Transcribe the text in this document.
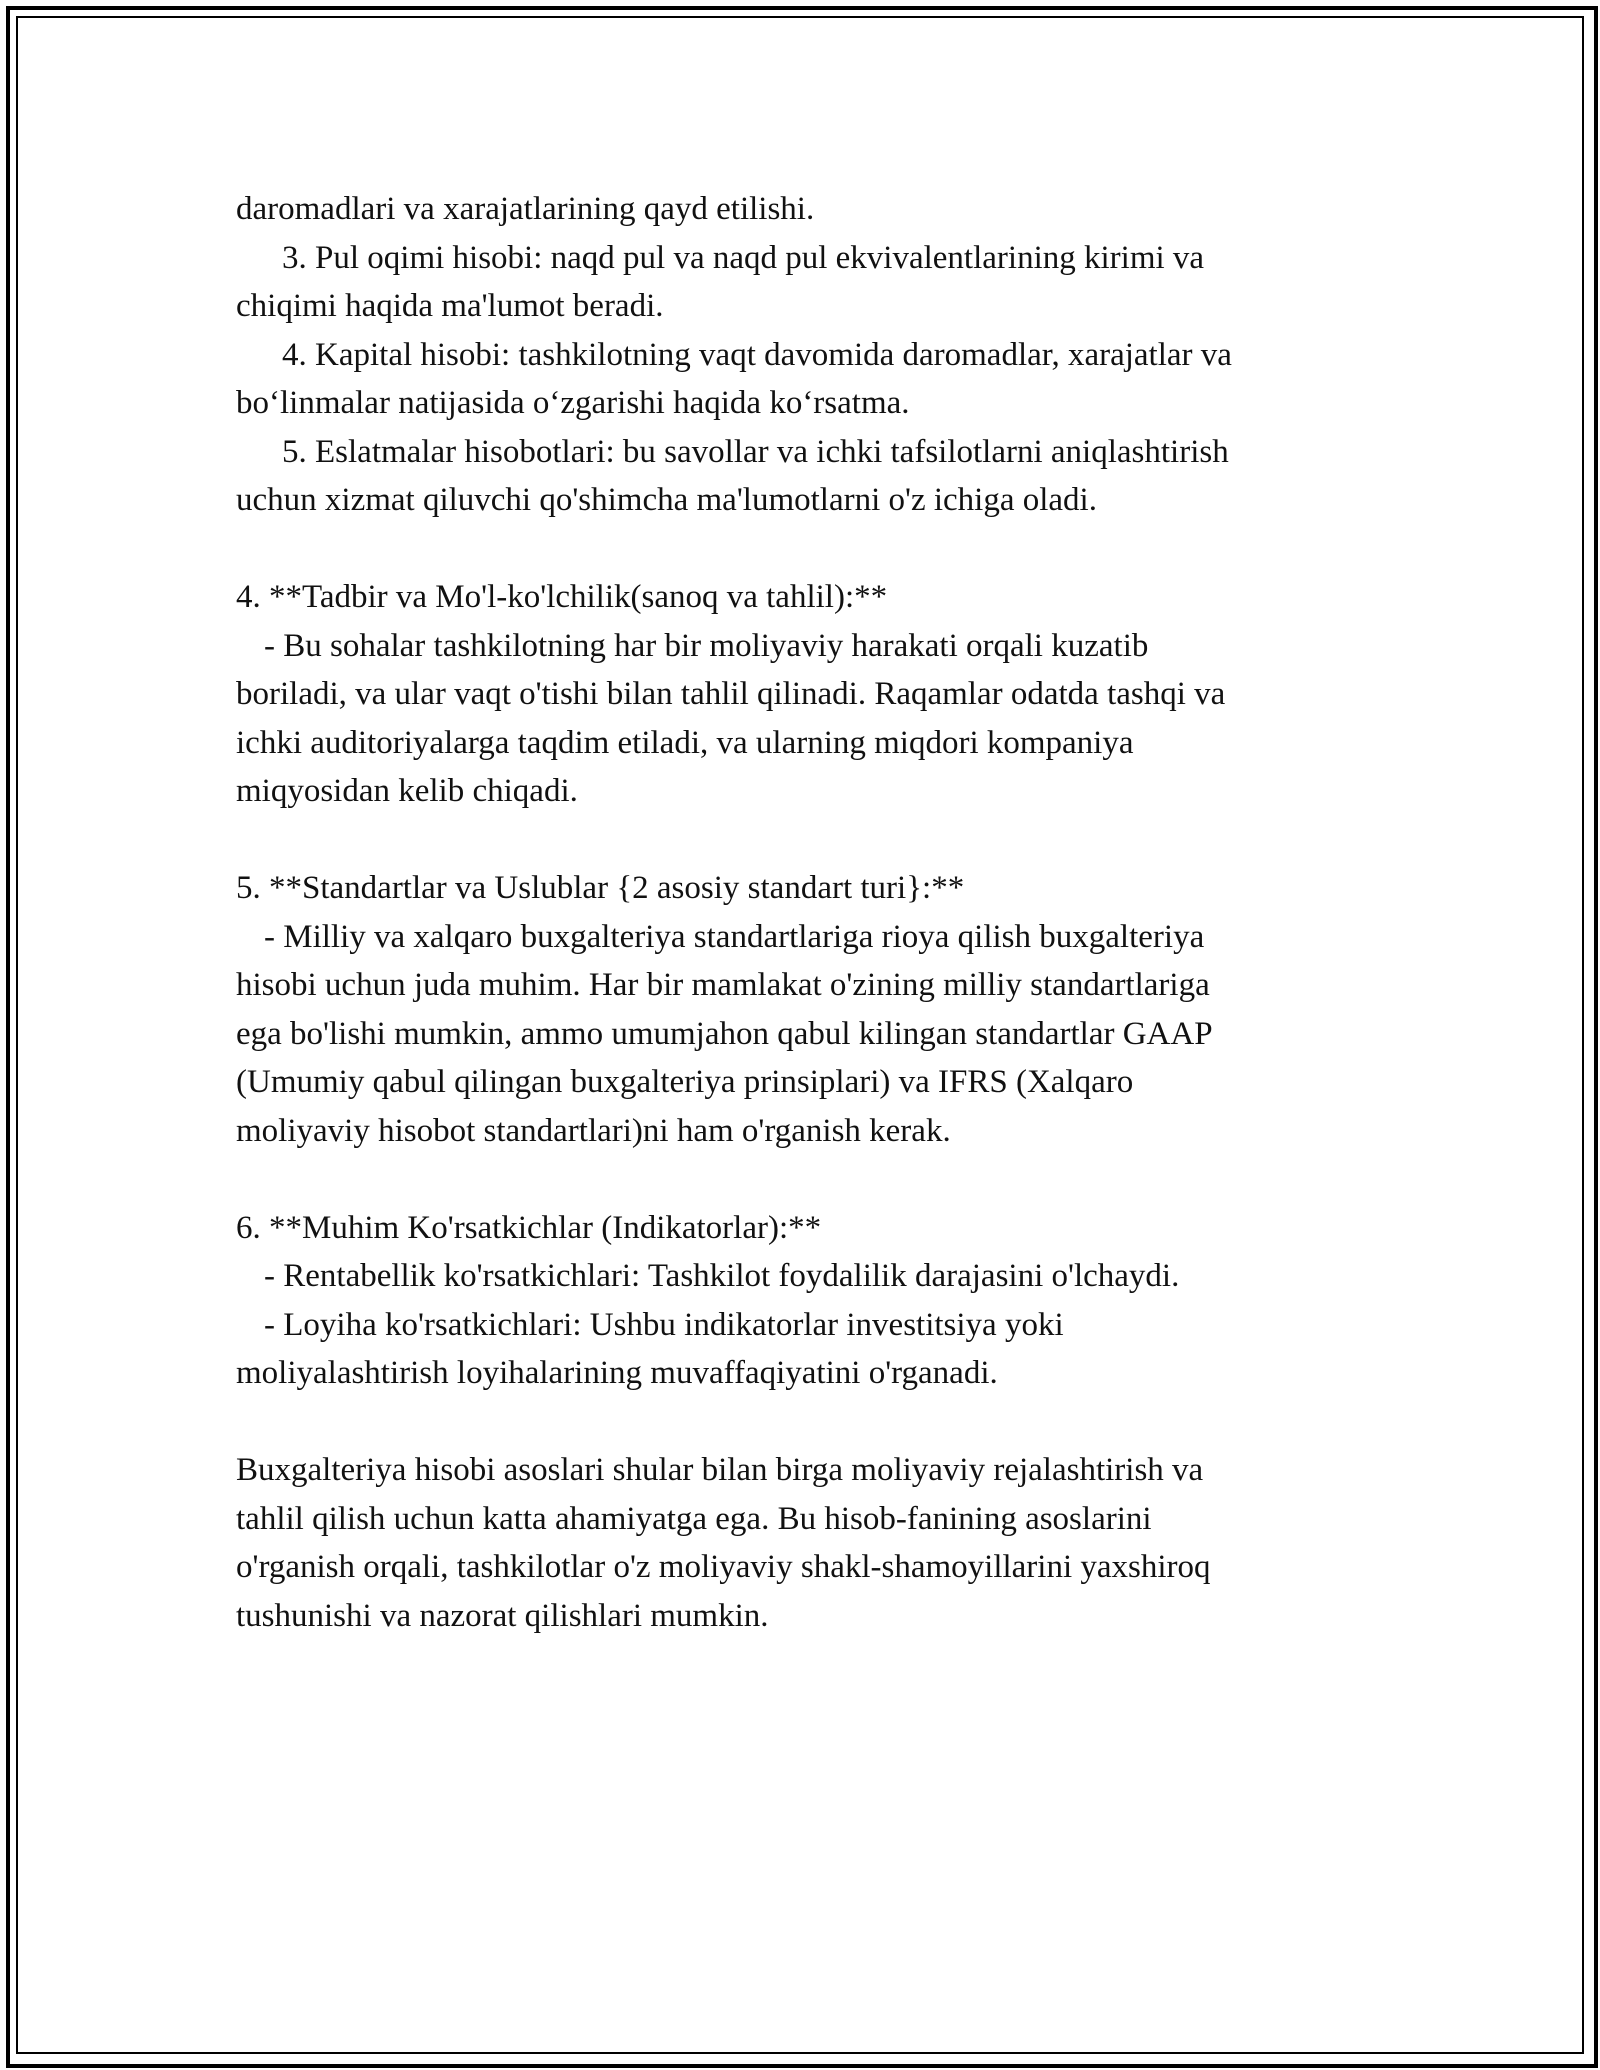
daromadlari va xarajatlarining qayd etilishi.
3. Pul oqimi hisobi: naqd pul va naqd pul ekvivalentlarining kirimi va
chiqimi haqida ma'lumot beradi.
4. Kapital hisobi: tashkilotning vaqt davomida daromadlar, xarajatlar va
bo‘linmalar natijasida o‘zgarishi haqida ko‘rsatma.
5. Eslatmalar hisobotlari: bu savollar va ichki tafsilotlarni aniqlashtirish
uchun xizmat qiluvchi qo'shimcha ma'lumotlarni o'z ichiga oladi.
4. **Tadbir va Mo'l-ko'lchilik(sanoq va tahlil):**
- Bu sohalar tashkilotning har bir moliyaviy harakati orqali kuzatib
boriladi, va ular vaqt o'tishi bilan tahlil qilinadi. Raqamlar odatda tashqi va
ichki auditoriyalarga taqdim etiladi, va ularning miqdori kompaniya
miqyosidan kelib chiqadi.
5. **Standartlar va Uslublar {2 asosiy standart turi}:**
- Milliy va xalqaro buxgalteriya standartlariga rioya qilish buxgalteriya
hisobi uchun juda muhim. Har bir mamlakat o'zining milliy standartlariga
ega bo'lishi mumkin, ammo umumjahon qabul kilingan standartlar GAAP
(Umumiy qabul qilingan buxgalteriya prinsiplari) va IFRS (Xalqaro
moliyaviy hisobot standartlari)ni ham o'rganish kerak.
6. **Muhim Ko'rsatkichlar (Indikatorlar):**
- Rentabellik ko'rsatkichlari: Tashkilot foydalilik darajasini o'lchaydi.
- Loyiha ko'rsatkichlari: Ushbu indikatorlar investitsiya yoki
moliyalashtirish loyihalarining muvaffaqiyatini o'rganadi.
Buxgalteriya hisobi asoslari shular bilan birga moliyaviy rejalashtirish va
tahlil qilish uchun katta ahamiyatga ega. Bu hisob-fanining asoslarini
o'rganish orqali, tashkilotlar o'z moliyaviy shakl-shamoyillarini yaxshiroq
tushunishi va nazorat qilishlari mumkin.
